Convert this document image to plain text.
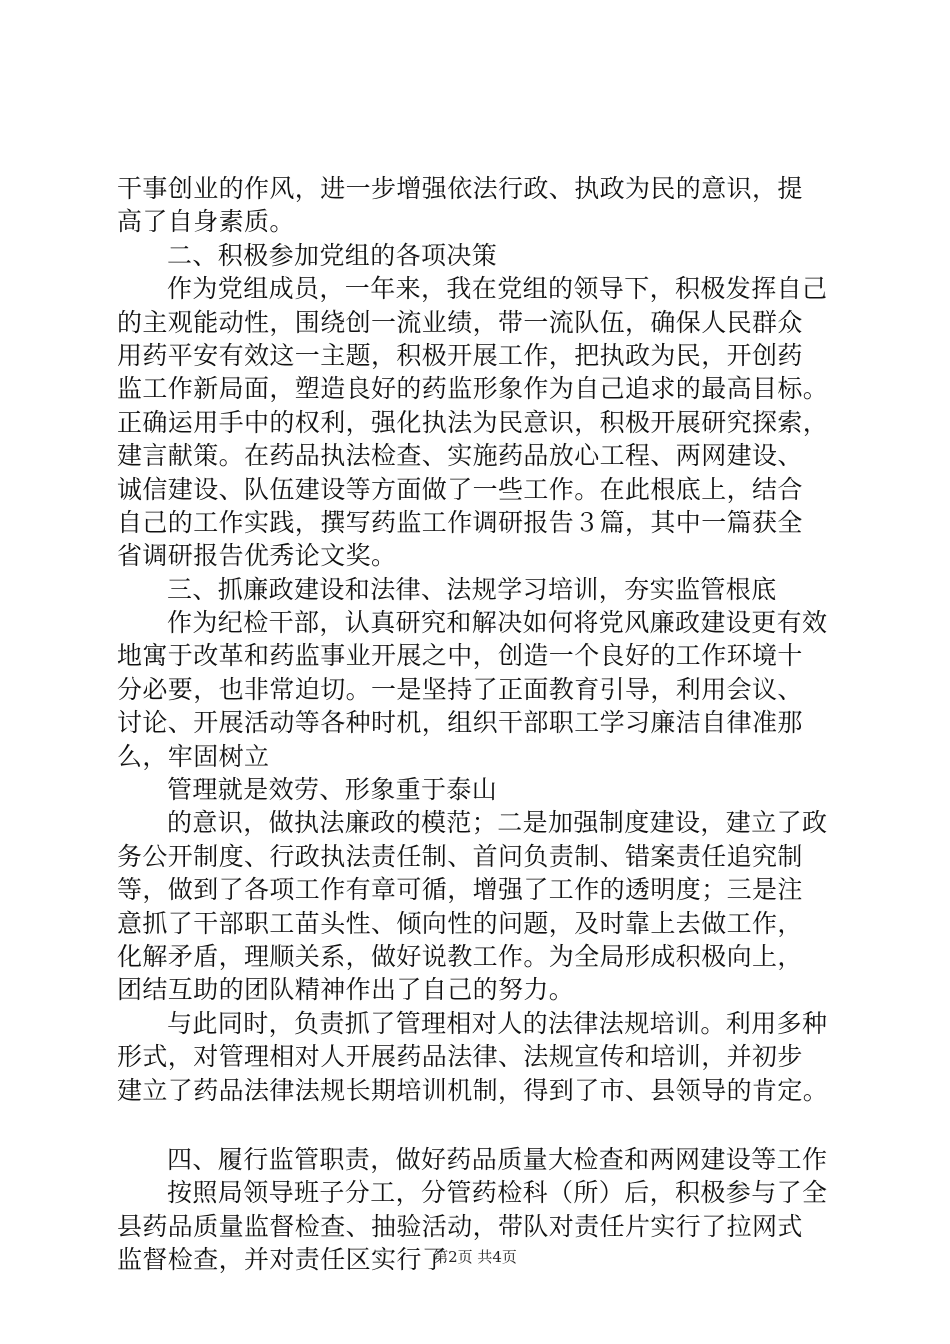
干事创业的作风，进一步增强依法行政、执政为民的意识，提
高了自身素质。
二、积极参加党组的各项决策
作为党组成员，一年来，我在党组的领导下，积极发挥自己
的主观能动性，围绕创一流业绩，带一流队伍，确保人民群众
用药平安有效这一主题，积极开展工作，把执政为民，开创药
监工作新局面，塑造良好的药监形象作为自己追求的最高目标。
正确运用手中的权利，强化执法为民意识，积极开展研究探索，
建言献策。在药品执法检查、实施药品放心工程、两网建设、
诚信建设、队伍建设等方面做了一些工作。在此根底上，结合
自己的工作实践，撰写药监工作调研报告３篇，其中一篇获全
省调研报告优秀论文奖。
三、抓廉政建设和法律、法规学习培训，夯实监管根底
作为纪检干部，认真研究和解决如何将党风廉政建设更有效
地寓于改革和药监事业开展之中，创造一个良好的工作环境十
分必要，也非常迫切。一是坚持了正面教育引导，利用会议、
讨论、开展活动等各种时机，组织干部职工学习廉洁自律准那
么，牢固树立
管理就是效劳、形象重于泰山
的意识，做执法廉政的模范；二是加强制度建设，建立了政
务公开制度、行政执法责任制、首问负责制、错案责任追究制
等，做到了各项工作有章可循，增强了工作的透明度；三是注
意抓了干部职工苗头性、倾向性的问题，及时靠上去做工作，
化解矛盾，理顺关系，做好说教工作。为全局形成积极向上，
团结互助的团队精神作出了自己的努力。
与此同时，负责抓了管理相对人的法律法规培训。利用多种
形式，对管理相对人开展药品法律、法规宣传和培训，并初步
建立了药品法律法规长期培训机制，得到了市、县领导的肯定。
四、履行监管职责，做好药品质量大检查和两网建设等工作
按照局领导班子分工，分管药检科（所）后，积极参与了全
县药品质量监督检查、抽验活动，带队对责任片实行了拉网式
监督检查，并对责任区实行了
第2页 共4页
